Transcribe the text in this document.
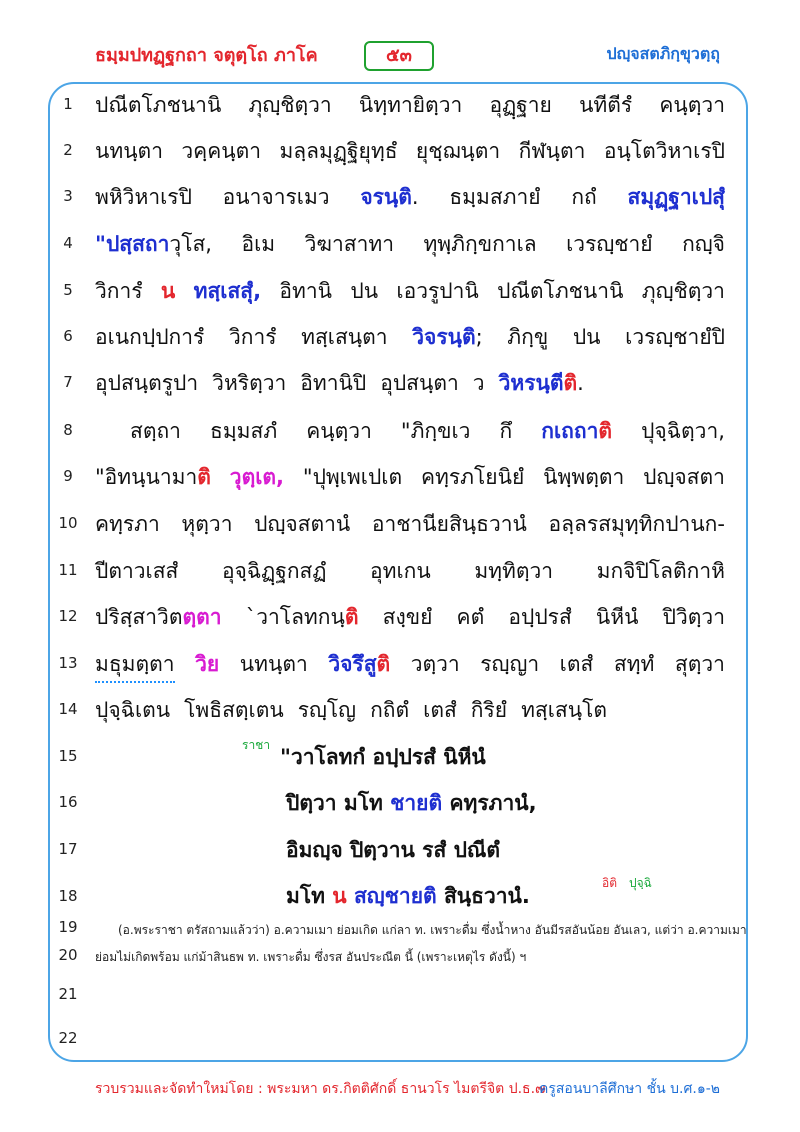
ธมฺมปทฏฺฐกถา จตุตฺโถ ภาโค	๕๓	ปญฺจสตภิกฺขุวตฺถุ
1
2
3
4
5
6
7
8
9
10
11
12
13
14
15
16
17
18
19
20
21
22
ปณีตโภชนานิ ภุญฺชิตฺวา นิทฺทายิตฺวา อุฏฺฐาย นทีตีรํ คนฺตฺวา
นทนฺตา วคฺคนฺตา มลฺลมุฏฺฐิยุทฺธํ ยุชฺฌนฺตา กีฬนฺตา อนฺโตวิหาเรปิ
พหิวิหาเรปิ อนาจารเมว จรนฺติ. ธมฺมสภายํ กถํ สมุฏฺฐาเปสุํ
"ปสฺสถาวุโส, อิเม วิฆาสาทา ทุพฺภิกฺขกาเล เวรญฺชายํ กญฺจิ
วิการํ น ทสฺเสสุํ, อิทานิ ปน เอวรูปานิ ปณีตโภชนานิ ภุญฺชิตฺวา
อเนกปฺปการํ วิการํ ทสฺเสนฺตา วิจรนฺติ; ภิกฺขู ปน เวรญฺชายํปิ
อุปสนฺตรูปา วิหริตฺวา อิทานิปิ อุปสนฺตา ว วิหรนฺตีติ.
สตฺถา ธมฺมสภํ คนฺตฺวา "ภิกฺขเว กึ กเถถาติ ปุจฺฉิตฺวา,
"อิทนฺนามาติ วุตฺเต, "ปุพฺเพเปเต คทฺรภโยนิยํ นิพฺพตฺตา ปญฺจสตา
คทฺรภา หุตฺวา ปญฺจสตานํ อาชานียสินฺธวานํ อลฺลรสมุทฺทิกปานก-
ปีตาวเสสํ อุจฺฉิฏฺฐกสฏํ อุทเกน มทฺทิตฺวา มกจิปิโลติกาหิ
ปริสฺสาวิตตฺตา `วาโลทกนฺติ สงฺขยํ คตํ อปฺปรสํ นิหีนํ ปิวิตฺวา
มธุมตฺตา วิย นทนฺตา วิจรึสูติ วตฺวา รญฺญา เตสํ สทฺทํ สุตฺวา
ปุจฺฉิเตน โพธิสตฺเตน รญฺโญ กถิตํ เตสํ กิริยํ ทสฺเสนฺโต
ราชา "วาโลทกํ อปฺปรสํ นิหีนํ
ปิตฺวา มโท ชายติ คทฺรภานํ,
อิมญฺจ ปิตฺวาน รสํ ปณีตํ
มโท น สญฺชายติ สินฺธวานํ.
อิติ ปุจฺฉิ
(อ.พระราชา ตรัสถามแล้วว่า) อ.ความเมา ย่อมเกิด แก่ลา ท. เพราะดื่ม ซึ่งน้ำหาง อันมีรสอันน้อย อันเลว, แต่ว่า อ.ความเมา
ย่อมไม่เกิดพร้อม แก่ม้าสินธพ ท. เพราะดื่ม ซึ่งรส อันประณีต นี้ (เพราะเหตุไร ดังนี้) ฯ
รวบรวมและจัดทำใหม่โดย : พระมหา ดร.กิตติศักดิ์ ธานวโร ไมตรีจิต ป.ธ.๗
ครูสอนบาลีศึกษา ชั้น บ.ศ.๑-๒
